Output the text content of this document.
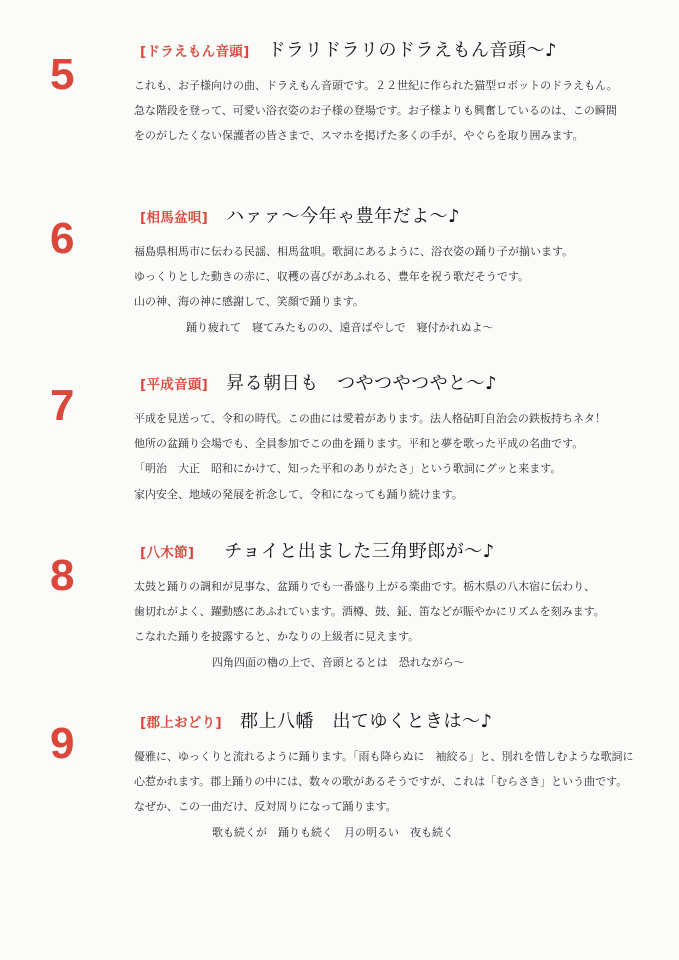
5	[ドラえもん音頭] ドラリドラリのドラえもん音頭～♪
これも、お子様向けの曲、ドラえもん音頭です。２２世紀に作られた猫型ロボットのドラえもん。
急な階段を登って、可愛い浴衣姿のお子様の登場です。お子様よりも興奮しているのは、この瞬間
をのがしたくない保護者の皆さまで、スマホを掲げた多くの手が、やぐらを取り囲みます。
6	[相馬盆唄] ハァァ～今年ゃ豊年だよ～♪
福島県相馬市に伝わる民謡、相馬盆唄。歌詞にあるように、浴衣姿の踊り子が揃います。
ゆっくりとした動きの赤に、収穫の喜びがあふれる、豊年を祝う歌だそうです。
山の神、海の神に感謝して、笑顔で踊ります。
踊り疲れて　寝てみたものの、遠音ばやしで　寝付かれぬよ～
7	[平成音頭] 昇る朝日も　つやつやつやと～♪
平成を見送って、令和の時代。この曲には愛着があります。法人格砧町自治会の鉄板持ちネタ！
他所の盆踊り会場でも、全員参加でこの曲を踊ります。平和と夢を歌った平成の名曲です。
「明治　大正　昭和にかけて、知った平和のありがたさ」という歌詞にグッと来ます。
家内安全、地域の発展を祈念して、令和になっても踊り続けます。
8	[八木節] チョイと出ました三角野郎が～♪
太鼓と踊りの調和が見事な、盆踊りでも一番盛り上がる楽曲です。栃木県の八木宿に伝わり、
歯切れがよく、躍動感にあふれています。酒樽、鼓、鉦、笛などが賑やかにリズムを刻みます。
こなれた踊りを披露すると、かなりの上級者に見えます。
四角四面の櫓の上で、音頭とるとは　恐れながら～
9	[郡上おどり] 郡上八幡　出てゆくときは～♪
優雅に、ゆっくりと流れるように踊ります。「雨も降らぬに　袖絞る」と、別れを惜しむような歌詞に
心惹かれます。郡上踊りの中には、数々の歌があるそうですが、これは「むらさき」という曲です。
なぜか、この一曲だけ、反対周りになって踊ります。
歌も続くが　踊りも続く　月の明るい　夜も続く
